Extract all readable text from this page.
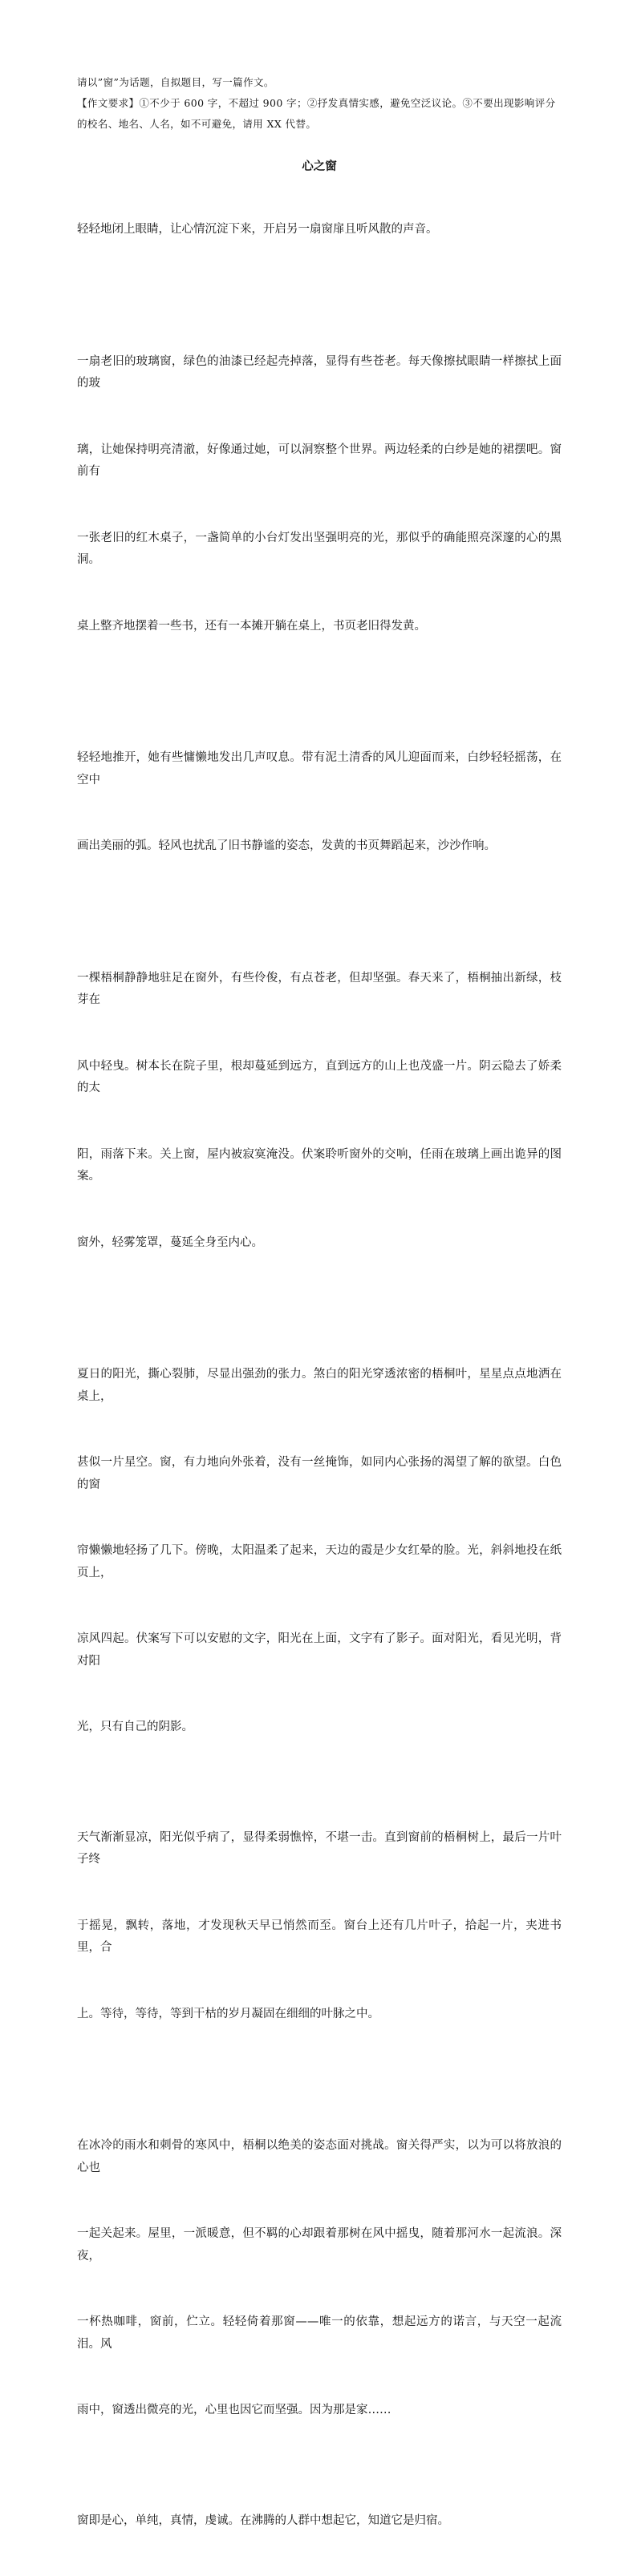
请以”窗”为话题，自拟题目，写一篇作文。

【作文要求】①不少于 600 字，不超过 900 字；②抒发真情实感，避免空泛议论。③不要出现影响评分

的校名、地名、人名，如不可避免，请用 XX 代替。

心之窗

轻轻地闭上眼睛，让心情沉淀下来，开启另一扇窗扉且听风散的声音。

一扇老旧的玻璃窗，绿色的油漆已经起壳掉落，显得有些苍老。每天像擦拭眼睛一样擦拭上面的玻

璃，让她保持明亮清澈，好像通过她，可以洞察整个世界。两边轻柔的白纱是她的裙摆吧。窗前有

一张老旧的红木桌子，一盏简单的小台灯发出坚强明亮的光，那似乎的确能照亮深邃的心的黑洞。

桌上整齐地摆着一些书，还有一本摊开躺在桌上，书页老旧得发黄。

轻轻地推开，她有些慵懒地发出几声叹息。带有泥土清香的风儿迎面而来，白纱轻轻摇荡，在空中

画出美丽的弧。轻风也扰乱了旧书静谧的姿态，发黄的书页舞蹈起来，沙沙作响。

一棵梧桐静静地驻足在窗外，有些伶俊，有点苍老，但却坚强。春天来了，梧桐抽出新绿，枝芽在

风中轻曳。树本长在院子里，根却蔓延到远方，直到远方的山上也茂盛一片。阴云隐去了娇柔的太

阳，雨落下来。关上窗，屋内被寂寞淹没。伏案聆听窗外的交响，任雨在玻璃上画出诡异的图案。

窗外，轻雾笼罩，蔓延全身至内心。

夏日的阳光，撕心裂肺，尽显出强劲的张力。煞白的阳光穿透浓密的梧桐叶，星星点点地洒在桌上，

甚似一片星空。窗，有力地向外张着，没有一丝掩饰，如同内心张扬的渴望了解的欲望。白色的窗

帘懒懒地轻扬了几下。傍晚，太阳温柔了起来，天边的霞是少女红晕的脸。光，斜斜地投在纸页上，

凉风四起。伏案写下可以安慰的文字，阳光在上面，文字有了影子。面对阳光，看见光明，背对阳

光，只有自己的阴影。

天气渐渐显凉，阳光似乎病了，显得柔弱憔悴，不堪一击。直到窗前的梧桐树上，最后一片叶子终

于摇晃，飘转，落地，才发现秋天早已悄然而至。窗台上还有几片叶子，拾起一片，夹进书里，合

上。等待，等待，等到干枯的岁月凝固在细细的叶脉之中。

在冰冷的雨水和刺骨的寒风中，梧桐以绝美的姿态面对挑战。窗关得严实，以为可以将放浪的心也

一起关起来。屋里，一派暖意，但不羁的心却跟着那树在风中摇曳，随着那河水一起流浪。深夜，

一杯热咖啡，窗前，伫立。轻轻倚着那窗——唯一的依靠，想起远方的诺言，与天空一起流泪。风

雨中，窗透出微亮的光，心里也因它而坚强。因为那是家……

窗即是心，单纯，真情，虔诚。在沸腾的人群中想起它，知道它是归宿。
